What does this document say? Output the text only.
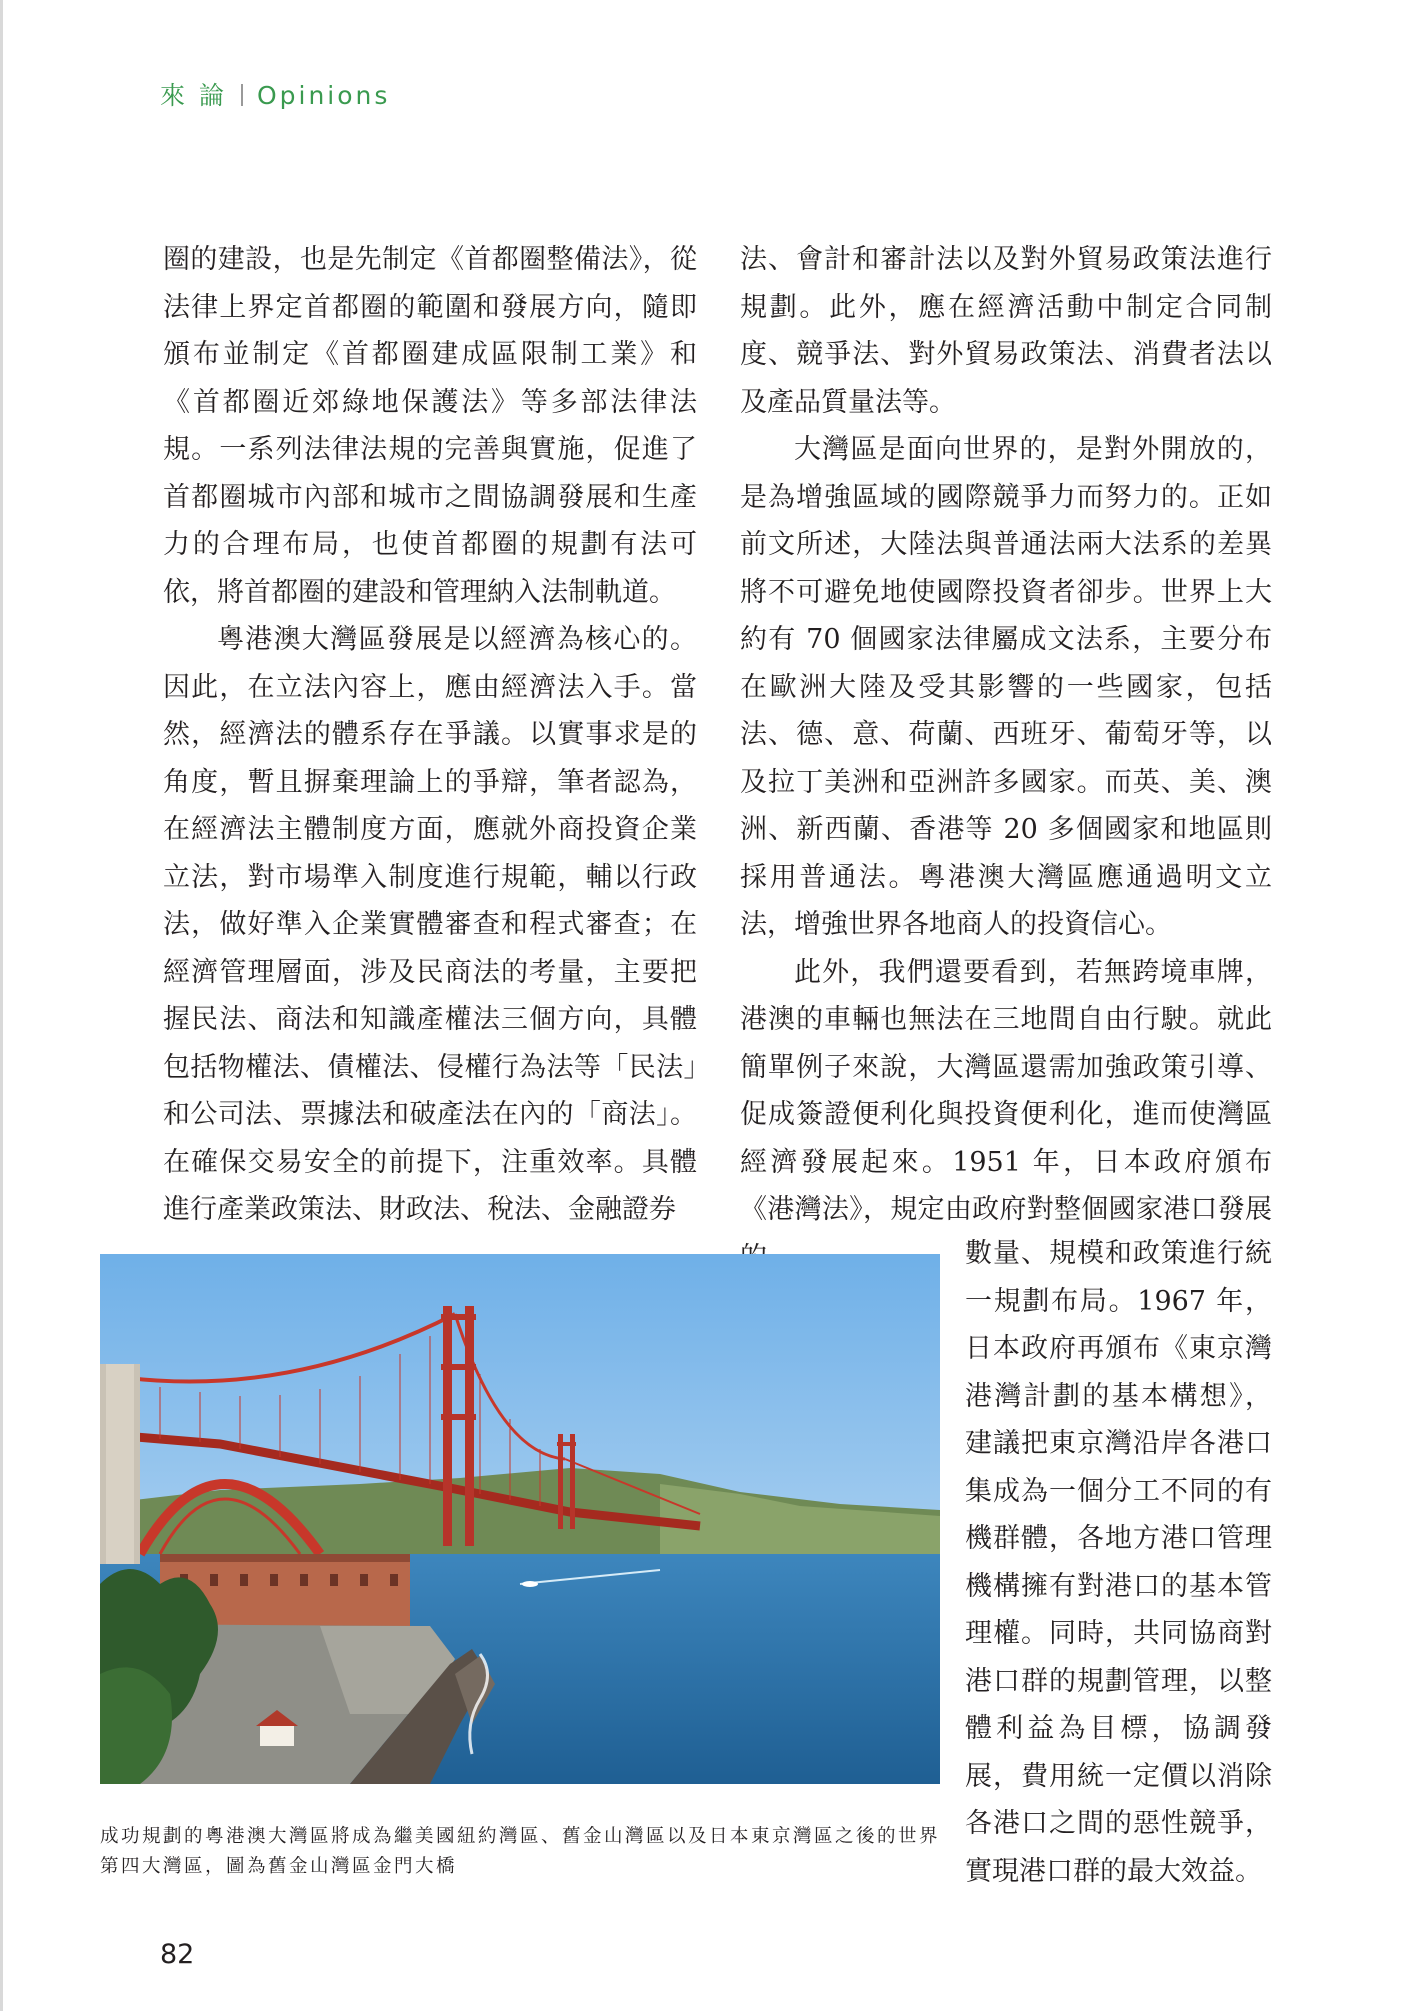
來 論 Opinions

圈的建設，也是先制定《首都圈整備法》，從法律上界定首都圈的範圍和發展方向，隨即頒布並制定《首都圈建成區限制工業》和《首都圈近郊綠地保護法》等多部法律法規。一系列法律法規的完善與實施，促進了首都圈城市內部和城市之間協調發展和生產力的合理布局，也使首都圈的規劃有法可依，將首都圈的建設和管理納入法制軌道。

粵港澳大灣區發展是以經濟為核心的。因此，在立法內容上，應由經濟法入手。當然，經濟法的體系存在爭議。以實事求是的角度，暫且摒棄理論上的爭辯，筆者認為，在經濟法主體制度方面，應就外商投資企業立法，對市場準入制度進行規範，輔以行政法，做好準入企業實體審查和程式審查；在經濟管理層面，涉及民商法的考量，主要把握民法、商法和知識產權法三個方向，具體包括物權法、債權法、侵權行為法等「民法」和公司法、票據法和破產法在內的「商法」。在確保交易安全的前提下，注重效率。具體進行產業政策法、財政法、稅法、金融證券

法、會計和審計法以及對外貿易政策法進行規劃。此外，應在經濟活動中制定合同制度、競爭法、對外貿易政策法、消費者法以及產品質量法等。

大灣區是面向世界的，是對外開放的，是為增強區域的國際競爭力而努力的。正如前文所述，大陸法與普通法兩大法系的差異將不可避免地使國際投資者卻步。世界上大約有 70 個國家法律屬成文法系，主要分布在歐洲大陸及受其影響的一些國家，包括法、德、意、荷蘭、西班牙、葡萄牙等，以及拉丁美洲和亞洲許多國家。而英、美、澳洲、新西蘭、香港等 20 多個國家和地區則採用普通法。粵港澳大灣區應通過明文立法，增強世界各地商人的投資信心。

此外，我們還要看到，若無跨境車牌，港澳的車輛也無法在三地間自由行駛。就此簡單例子來說，大灣區還需加強政策引導、促成簽證便利化與投資便利化，進而使灣區經濟發展起來。1951 年，日本政府頒布《港灣法》，規定由政府對整個國家港口發展

數量、規模和政策進行統一規劃布局。1967 年，日本政府再頒布《東京灣港灣計劃的基本構想》，建議把東京灣沿岸各港口集成為一個分工不同的有機群體，各地方港口管理機構擁有對港口的基本管理權。同時，共同協商對港口群的規劃管理，以整體利益為目標，協調發展，費用統一定價以消除各港口之間的惡性競爭，實現港口群的最大效益。

成功規劃的粵港澳大灣區將成為繼美國紐約灣區、舊金山灣區以及日本東京灣區之後的世界第四大灣區，圖為舊金山灣區金門大橋
82
